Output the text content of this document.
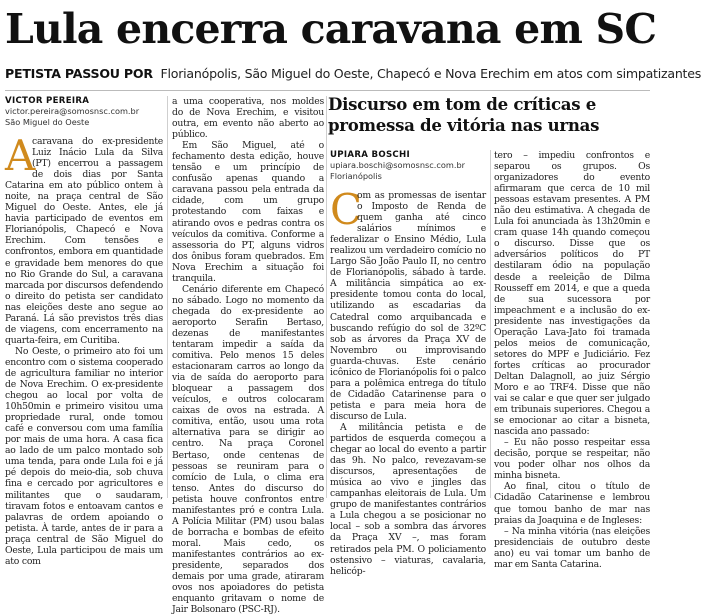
Lula encerra caravana em SC
PETISTA PASSOU POR Florianópolis, São Miguel do Oeste, Chapecó e Nova Erechim em atos com simpatizantes
VICTOR PEREIRA
victor.pereira@somosnsc.com.br
São Miguel do Oeste

A
caravana do ex-presidente Luiz Inácio Lula da Silva (PT) encerrou a passagem de dois dias por Santa Catarina em ato público ontem à noite, na praça central de São Miguel do Oeste. Antes, ele já havia participado de eventos em Florianópolis, Chapecó e Nova Erechim. Com tensões e confrontos, embora em quantidade e gravidade bem menores do que no Rio Grande do Sul, a caravana marcada por discursos defendendo o direito do petista ser candidato nas eleições deste ano segue ao Paraná. Lá são previstos três dias de viagens, com encerramento na quarta-feira, em Curitiba.

No Oeste, o primeiro ato foi um encontro com o sistema cooperado de agricultura familiar no interior de Nova Erechim. O ex-presidente chegou ao local por volta de 10h50min e primeiro visitou uma propriedade rural, onde tomou café e conversou com uma família por mais de uma hora. A casa fica ao lado de um palco montado sob uma tenda, para onde Lula foi e já pé depois do meio-dia, sob chuva fina e cercado por agricultores e militantes que o saudaram, tiravam fotos e entoavam cantos e palavras de ordem apoiando o petista. À tarde, antes de ir para a praça central de São Miguel do Oeste, Lula participou de mais um ato com

a uma cooperativa, nos moldes do de Nova Erechim, e visitou outra, em evento não aberto ao público.

Em São Miguel, até o fechamento desta edição, houve tensão e um princípio de confusão apenas quando a caravana passou pela entrada da cidade, com um grupo protestando com faixas e atirando ovos e pedras contra os veículos da comitiva. Conforme a assessoria do PT, alguns vidros dos ônibus foram quebrados. Em Nova Erechim a situação foi tranquila.

Cenário diferente em Chapecó no sábado. Logo no momento da chegada do ex-presidente ao aeroporto Serafin Bertaso, dezenas de manifestantes tentaram impedir a saída da comitiva. Pelo menos 15 deles estacionaram carros ao longo da via de saída do aeroporto para bloquear a passagem dos veículos, e outros colocaram caixas de ovos na estrada. A comitiva, então, usou uma rota alternativa para se dirigir ao centro. Na praça Coronel Bertaso, onde centenas de pessoas se reuniram para o comício de Lula, o clima era tenso. Antes do discurso do petista houve confrontos entre manifestantes pró e contra Lula. A Polícia Militar (PM) usou balas de borracha e bombas de efeito moral. Mais cedo, os manifestantes contrários ao ex-presidente, separados dos demais por uma grade, atiraram ovos nos apoiadores do petista enquanto gritavam o nome de Jair Bolsonaro (PSC-RJ).

Discurso em tom de críticas e promessa de vitória nas urnas
UPIARA BOSCHI
upiara.boschi@somosnsc.com.br
Florianópolis

C
om as promessas de isentar o Imposto de Renda de quem ganha até cinco salários mínimos e federalizar o Ensino Médio, Lula realizou um verdadeiro comício no Largo São João Paulo II, no centro de Florianópolis, sábado à tarde. A militância simpática ao ex-presidente tomou conta do local, utilizando as escadarias da Catedral como arquibancada e buscando refúgio do sol de 32ºC sob as árvores da Praça XV de Novembro ou improvisando guarda-chuvas. Este cenário icônico de Florianópolis foi o palco para a polêmica entrega do título de Cidadão Catarinense para o petista e para meia hora de discurso de Lula.

A militância petista e de partidos de esquerda começou a chegar ao local do evento a partir das 9h. No palco, revezavam-se discursos, apresentações de música ao vivo e jingles das campanhas eleitorais de Lula. Um grupo de manifestantes contrários a Lula chegou a se posicionar no local – sob a sombra das árvores da Praça XV –, mas foram retirados pela PM. O policiamento ostensivo – viaturas, cavalaria, helicóp-

tero – impediu confrontos e separou os grupos. Os organizadores do evento afirmaram que cerca de 10 mil pessoas estavam presentes. A PM não deu estimativa. A chegada de Lula foi anunciada às 13h20min e cram quase 14h quando começou o discurso. Disse que os adversários políticos do PT destilaram ódio na população desde a reeleição de Dilma Rousseff em 2014, e que a queda de sua sucessora por impeachment e a inclusão do ex-presidente nas investigações da Operação Lava-Jato foi tramada pelos meios de comunicação, setores do MPF e Judiciário. Fez fortes críticas ao procurador Deltan Dalagnoll, ao juiz Sérgio Moro e ao TRF4. Disse que não vai se calar e que quer ser julgado em tribunais superiores. Chegou a se emocionar ao citar a bisneta, nascida ano passado:

– Eu não posso respeitar essa decisão, porque se respeitar, não vou poder olhar nos olhos da minha bisneta.

Ao final, citou o título de Cidadão Catarinense e lembrou que tomou banho de mar nas praias da Joaquina e de Ingleses:

– Na minha vitória (nas eleições presidenciais de outubro deste ano) eu vai tomar um banho de mar em Santa Catarina.
